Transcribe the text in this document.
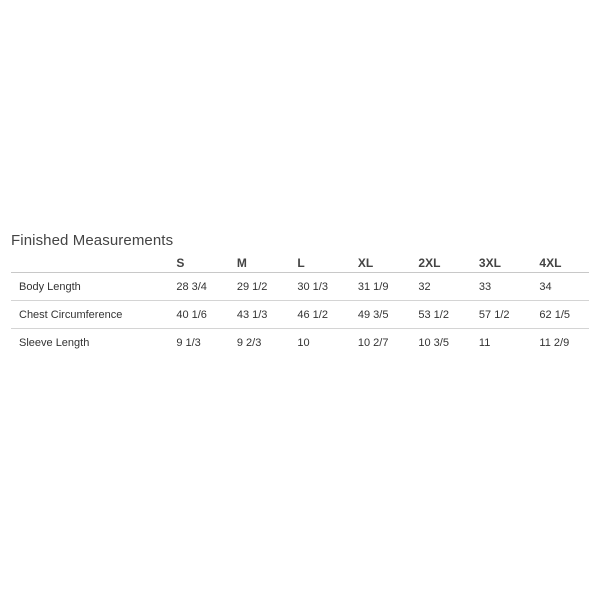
Finished Measurements
	S	M	L	XL	2XL	3XL	4XL
Body Length	28 3/4	29 1/2	30 1/3	31 1/9	32	33	34
Chest Circumference	40 1/6	43 1/3	46 1/2	49 3/5	53 1/2	57 1/2	62 1/5
Sleeve Length	9 1/3	9 2/3	10	10 2/7	10 3/5	11	11 2/9
